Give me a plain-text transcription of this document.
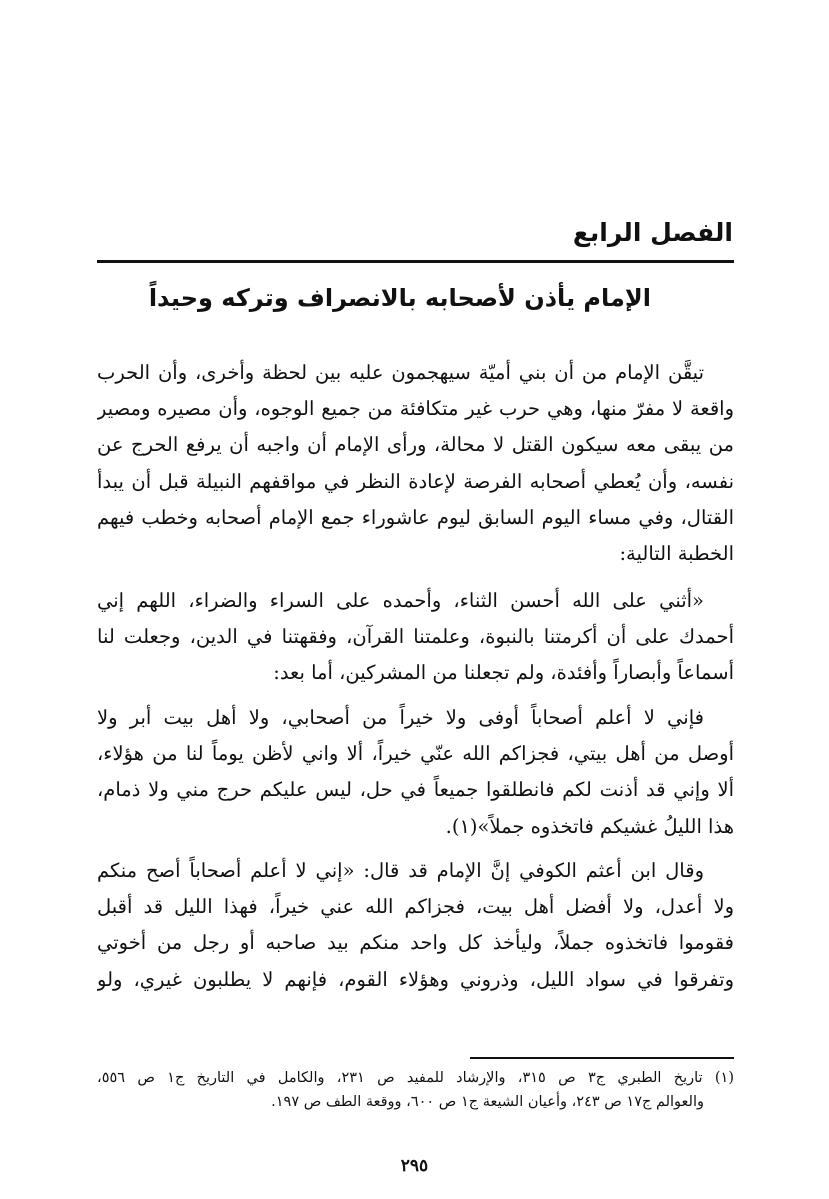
الفصل الرابع
الإمام يأذن لأصحابه بالانصراف وتركه وحيداً
تيقَّن الإمام من أن بني أميّة سيهجمون عليه بين لحظة وأخرى، وأن الحرب
واقعة لا مفرّ منها، وهي حرب غير متكافئة من جميع الوجوه، وأن مصيره ومصير
من يبقى معه سيكون القتل لا محالة، ورأى الإمام أن واجبه أن يرفع الحرج عن
نفسه، وأن يُعطي أصحابه الفرصة لإعادة النظر في مواقفهم النبيلة قبل أن يبدأ
القتال، وفي مساء اليوم السابق ليوم عاشوراء جمع الإمام أصحابه وخطب فيهم
الخطبة التالية:
«أثني على الله أحسن الثناء، وأحمده على السراء والضراء، اللهم إني
أحمدك على أن أكرمتنا بالنبوة، وعلمتنا القرآن، وفقهتنا في الدين، وجعلت لنا
أسماعاً وأبصاراً وأفئدة، ولم تجعلنا من المشركين، أما بعد:
فإني لا أعلم أصحاباً أوفى ولا خيراً من أصحابي، ولا أهل بيت أبر ولا
أوصل من أهل بيتي، فجزاكم الله عنّي خيراً، ألا واني لأظن يوماً لنا من هؤلاء،
ألا وإني قد أذنت لكم فانطلقوا جميعاً في حل، ليس عليكم حرج مني ولا ذمام،
هذا الليلُ غشيكم فاتخذوه جملاً»(١).
وقال ابن أعثم الكوفي إنَّ الإمام قد قال: «إني لا أعلم أصحاباً أصح منكم
ولا أعدل، ولا أفضل أهل بيت، فجزاكم الله عني خيراً، فهذا الليل قد أقبل
فقوموا فاتخذوه جملاً، وليأخذ كل واحد منكم بيد صاحبه أو رجل من أخوتي
وتفرقوا في سواد الليل، وذروني وهؤلاء القوم، فإنهم لا يطلبون غيري، ولو
(١) تاريخ الطبري ج٣ ص ٣١٥، والإرشاد للمفيد ص ٢٣١، والكامل في التاريخ ج١ ص ٥٥٦،
والعوالم ج١٧ ص ٢٤٣، وأعيان الشيعة ج١ ص ٦٠٠، ووقعة الطف ص ١٩٧.
٢٩٥
